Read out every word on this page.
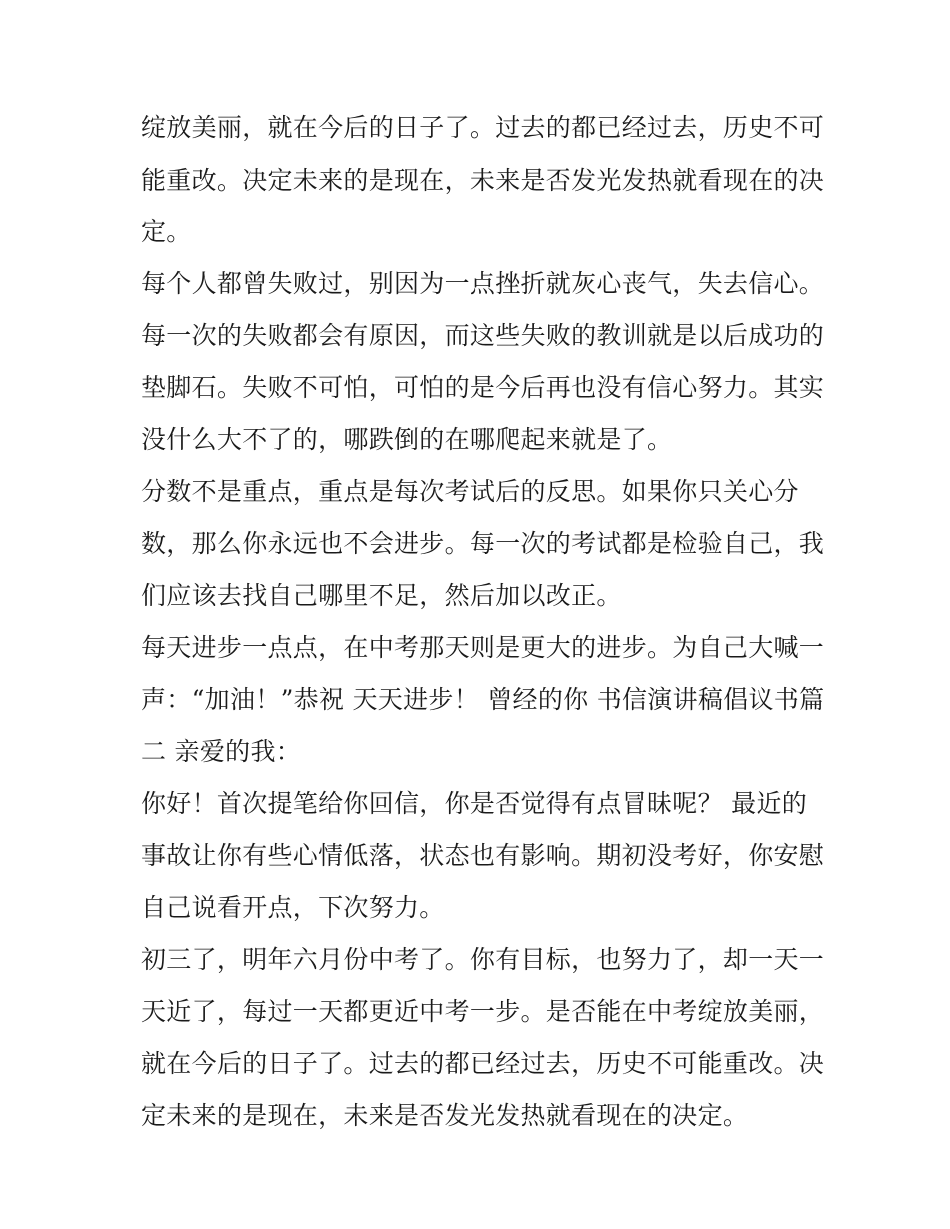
绽放美丽，就在今后的日子了。过去的都已经过去，历史不可
能重改。决定未来的是现在，未来是否发光发热就看现在的决
定。
每个人都曾失败过，别因为一点挫折就灰心丧气，失去信心。
每一次的失败都会有原因，而这些失败的教训就是以后成功的
垫脚石。失败不可怕，可怕的是今后再也没有信心努力。其实
没什么大不了的，哪跌倒的在哪爬起来就是了。
分数不是重点，重点是每次考试后的反思。如果你只关心分
数，那么你永远也不会进步。每一次的考试都是检验自己，我
们应该去找自己哪里不足，然后加以改正。
每天进步一点点，在中考那天则是更大的进步。为自己大喊一
声：“加油！”恭祝 天天进步！ 曾经的你 书信演讲稿倡议书篇
二 亲爱的我：
你好！首次提笔给你回信，你是否觉得有点冒昧呢？ 最近的
事故让你有些心情低落，状态也有影响。期初没考好，你安慰
自己说看开点，下次努力。
初三了，明年六月份中考了。你有目标，也努力了，却一天一
天近了，每过一天都更近中考一步。是否能在中考绽放美丽，
就在今后的日子了。过去的都已经过去，历史不可能重改。决
定未来的是现在，未来是否发光发热就看现在的决定。
